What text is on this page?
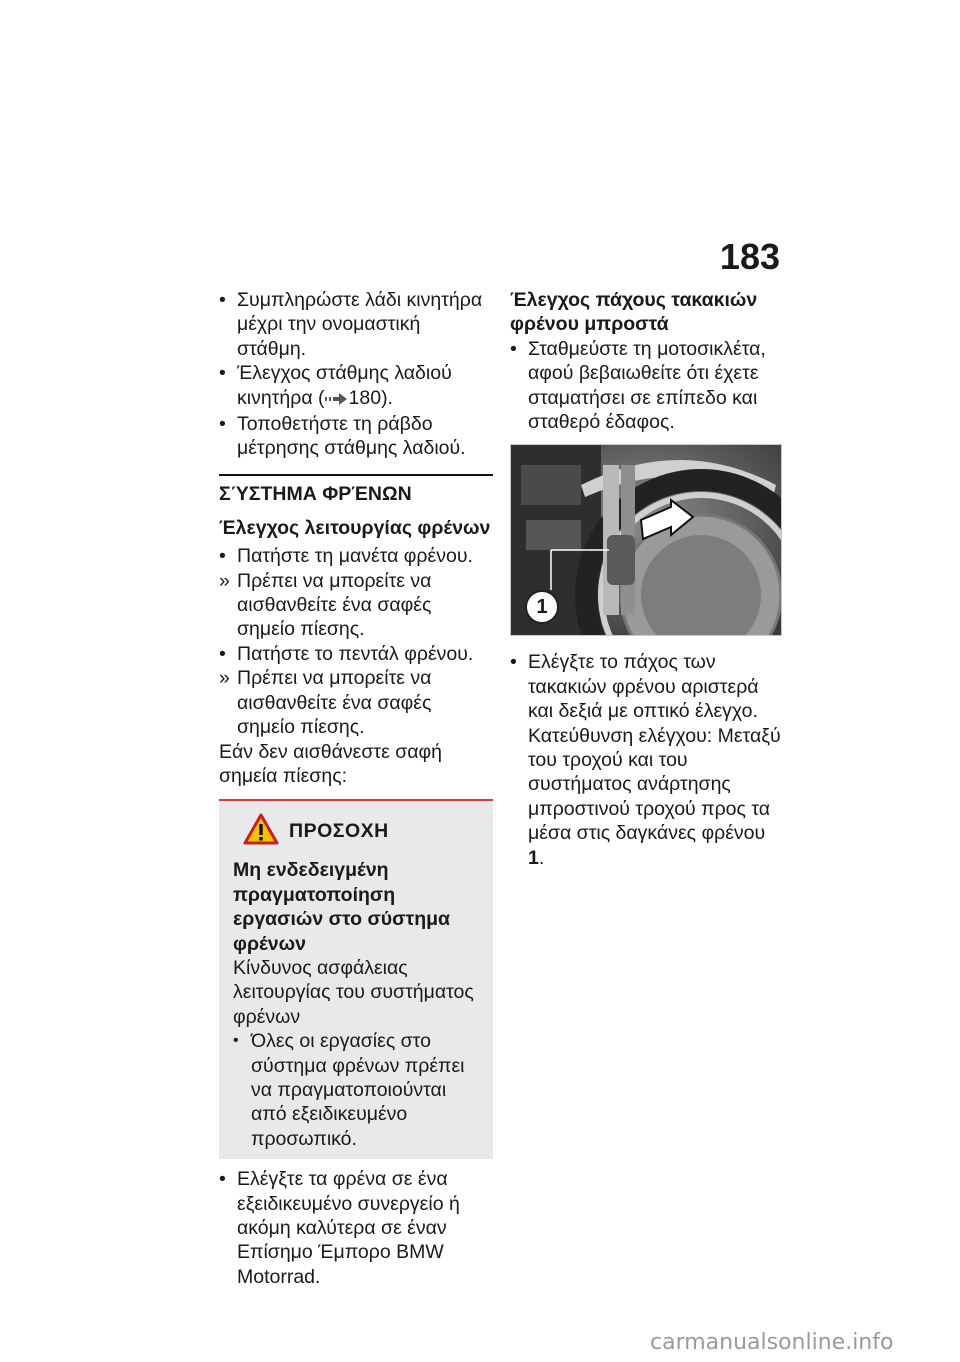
183
• Συμπληρώστε λάδι κινητήρα μέχρι την ονομαστική στάθμη.
• Έλεγχος στάθμης λαδιού κινητήρα ( 180).
• Τοποθετήστε τη ράβδο μέτρησης στάθμης λαδιού.
ΣΎΣΤΗΜΑ ΦΡΈΝΩΝ
Έλεγχος λειτουργίας φρένων
• Πατήστε τη μανέτα φρένου.
» Πρέπει να μπορείτε να αισθανθείτε ένα σαφές σημείο πίεσης.
• Πατήστε το πεντάλ φρένου.
» Πρέπει να μπορείτε να αισθανθείτε ένα σαφές σημείο πίεσης.

Εάν δεν αισθάνεστε σαφή σημεία πίεσης:

ΠΡΟΣΟΧΗ
Μη ενδεδειγμένη πραγματοποίηση εργασιών στο σύστημα φρένων

Κίνδυνος ασφάλειας λειτουργίας του συστήματος φρένων

• Όλες οι εργασίες στο σύστημα φρένων πρέπει να πραγματοποιούνται από εξειδικευμένο προσωπικό.
• Ελέγξτε τα φρένα σε ένα εξειδικευμένο συνεργείο ή ακόμη καλύτερα σε έναν Επίσημο Έμπορο BMW Motorrad.
Έλεγχος πάχους τακακιών φρένου μπροστά
• Σταθμεύστε τη μοτοσικλέτα, αφού βεβαιωθείτε ότι έχετε σταματήσει σε επίπεδο και σταθερό έδαφος.
1
• Ελέγξτε το πάχος των τακακιών φρένου αριστερά και δεξιά με οπτικό έλεγχο. Κατεύθυνση ελέγχου: Μεταξύ του τροχού και του συστήματος ανάρτησης μπροστινού τροχού προς τα μέσα στις δαγκάνες φρένου 1.
carmanualsonline.info
